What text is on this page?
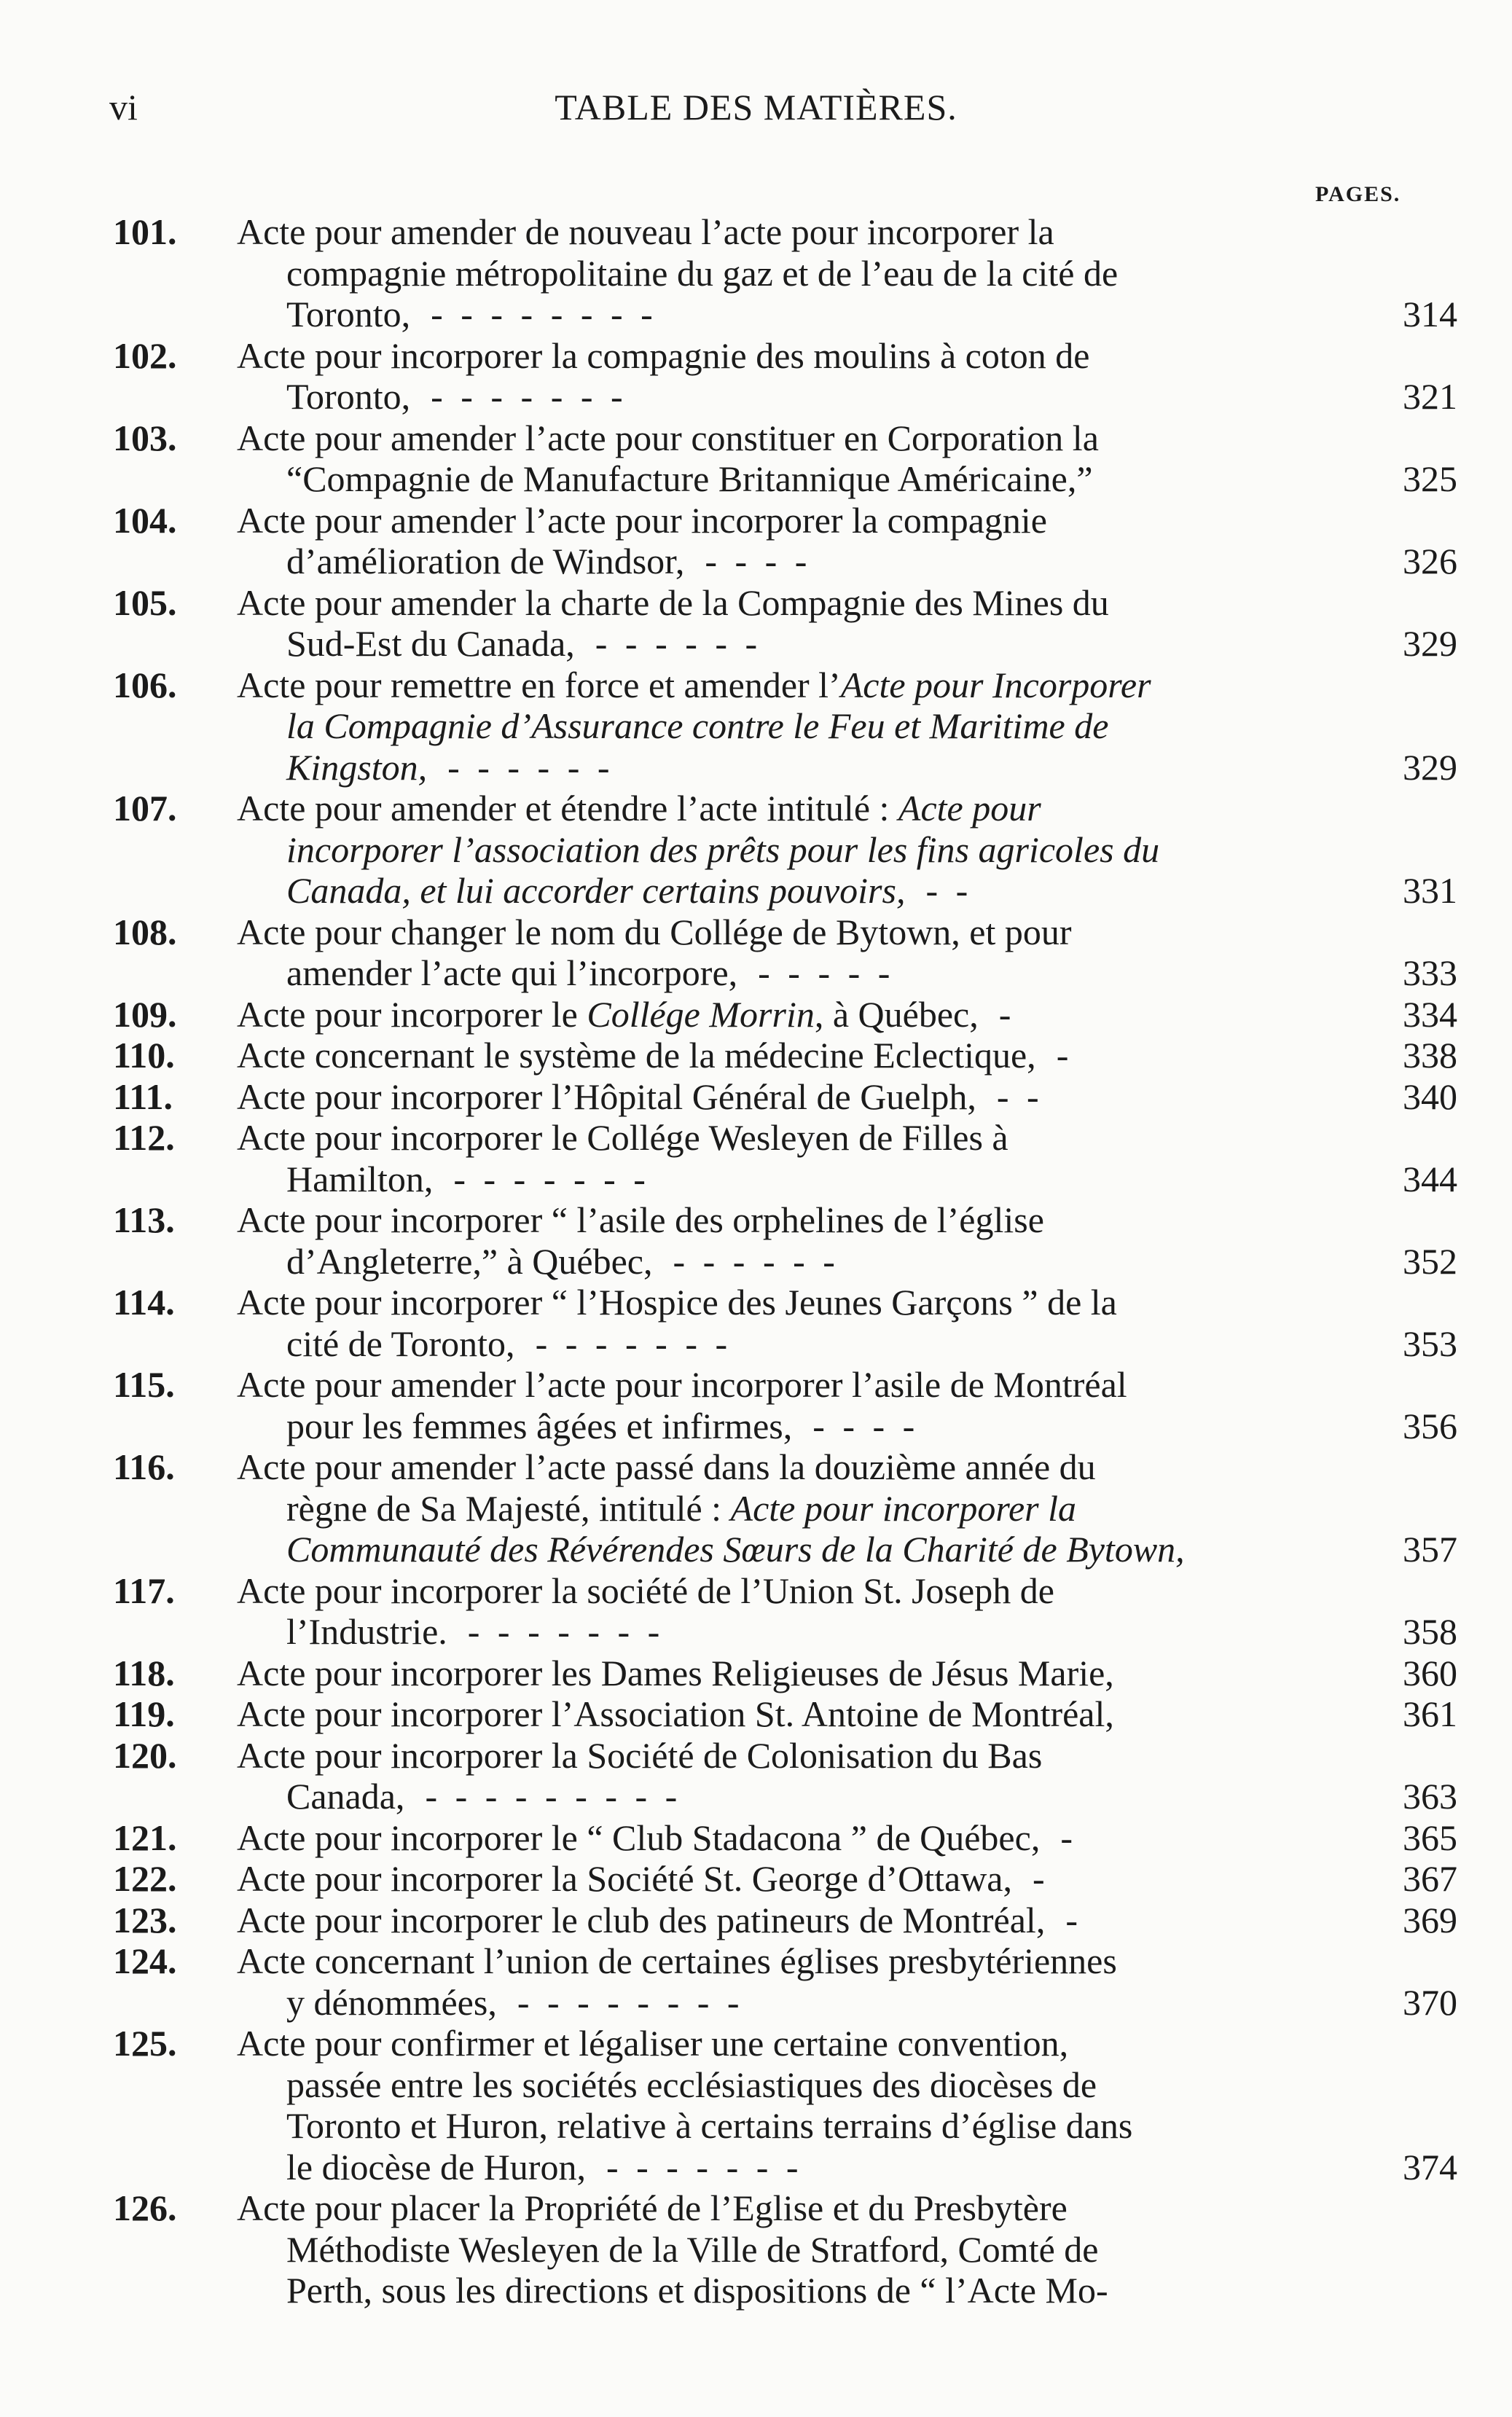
vi	TABLE DES MATIÈRES.
PAGES.
101.	Acte pour amender de nouveau l’acte pour incorporer la
compagnie métropolitaine du gaz et de l’eau de la cité de
Toronto, - - - - - - - -	314
102.	Acte pour incorporer la compagnie des moulins à coton de
Toronto, - - - - - - -	321
103.	Acte pour amender l’acte pour constituer en Corporation la
“Compagnie de Manufacture Britannique Américaine,”	325
104.	Acte pour amender l’acte pour incorporer la compagnie
d’amélioration de Windsor, - - - -	326
105.	Acte pour amender la charte de la Compagnie des Mines du
Sud-Est du Canada, - - - - - -	329
106.	Acte pour remettre en force et amender l’Acte pour Incorporer
la Compagnie d’Assurance contre le Feu et Maritime de
Kingston, - - - - - -	329
107.	Acte pour amender et étendre l’acte intitulé : Acte pour
incorporer l’association des prêts pour les fins agricoles du
Canada, et lui accorder certains pouvoirs, - -	331
108.	Acte pour changer le nom du Collége de Bytown, et pour
amender l’acte qui l’incorpore, - - - - -	333
109.	Acte pour incorporer le Collége Morrin, à Québec, -	334
110.	Acte concernant le système de la médecine Eclectique, -	338
111.	Acte pour incorporer l’Hôpital Général de Guelph, - -	340
112.	Acte pour incorporer le Collége Wesleyen de Filles à
Hamilton, - - - - - - -	344
113.	Acte pour incorporer “ l’asile des orphelines de l’église
d’Angleterre,” à Québec, - - - - - -	352
114.	Acte pour incorporer “ l’Hospice des Jeunes Garçons ” de la
cité de Toronto, - - - - - - -	353
115.	Acte pour amender l’acte pour incorporer l’asile de Montréal
pour les femmes âgées et infirmes, - - - -	356
116.	Acte pour amender l’acte passé dans la douzième année du
règne de Sa Majesté, intitulé : Acte pour incorporer la
Communauté des Révérendes Sœurs de la Charité de Bytown,	357
117.	Acte pour incorporer la société de l’Union St. Joseph de
l’Industrie. - - - - - - -	358
118.	Acte pour incorporer les Dames Religieuses de Jésus Marie,	360
119.	Acte pour incorporer l’Association St. Antoine de Montréal,	361
120.	Acte pour incorporer la Société de Colonisation du Bas
Canada, - - - - - - - - -	363
121.	Acte pour incorporer le “ Club Stadacona ” de Québec, -	365
122.	Acte pour incorporer la Société St. George d’Ottawa, -	367
123.	Acte pour incorporer le club des patineurs de Montréal, -	369
124.	Acte concernant l’union de certaines églises presbytériennes
y dénommées, - - - - - - - -	370
125.	Acte pour confirmer et légaliser une certaine convention,
passée entre les sociétés ecclésiastiques des diocèses de
Toronto et Huron, relative à certains terrains d’église dans
le diocèse de Huron, - - - - - - -	374
126.	Acte pour placer la Propriété de l’Eglise et du Presbytère
Méthodiste Wesleyen de la Ville de Stratford, Comté de
Perth, sous les directions et dispositions de “ l’Acte Mo-
